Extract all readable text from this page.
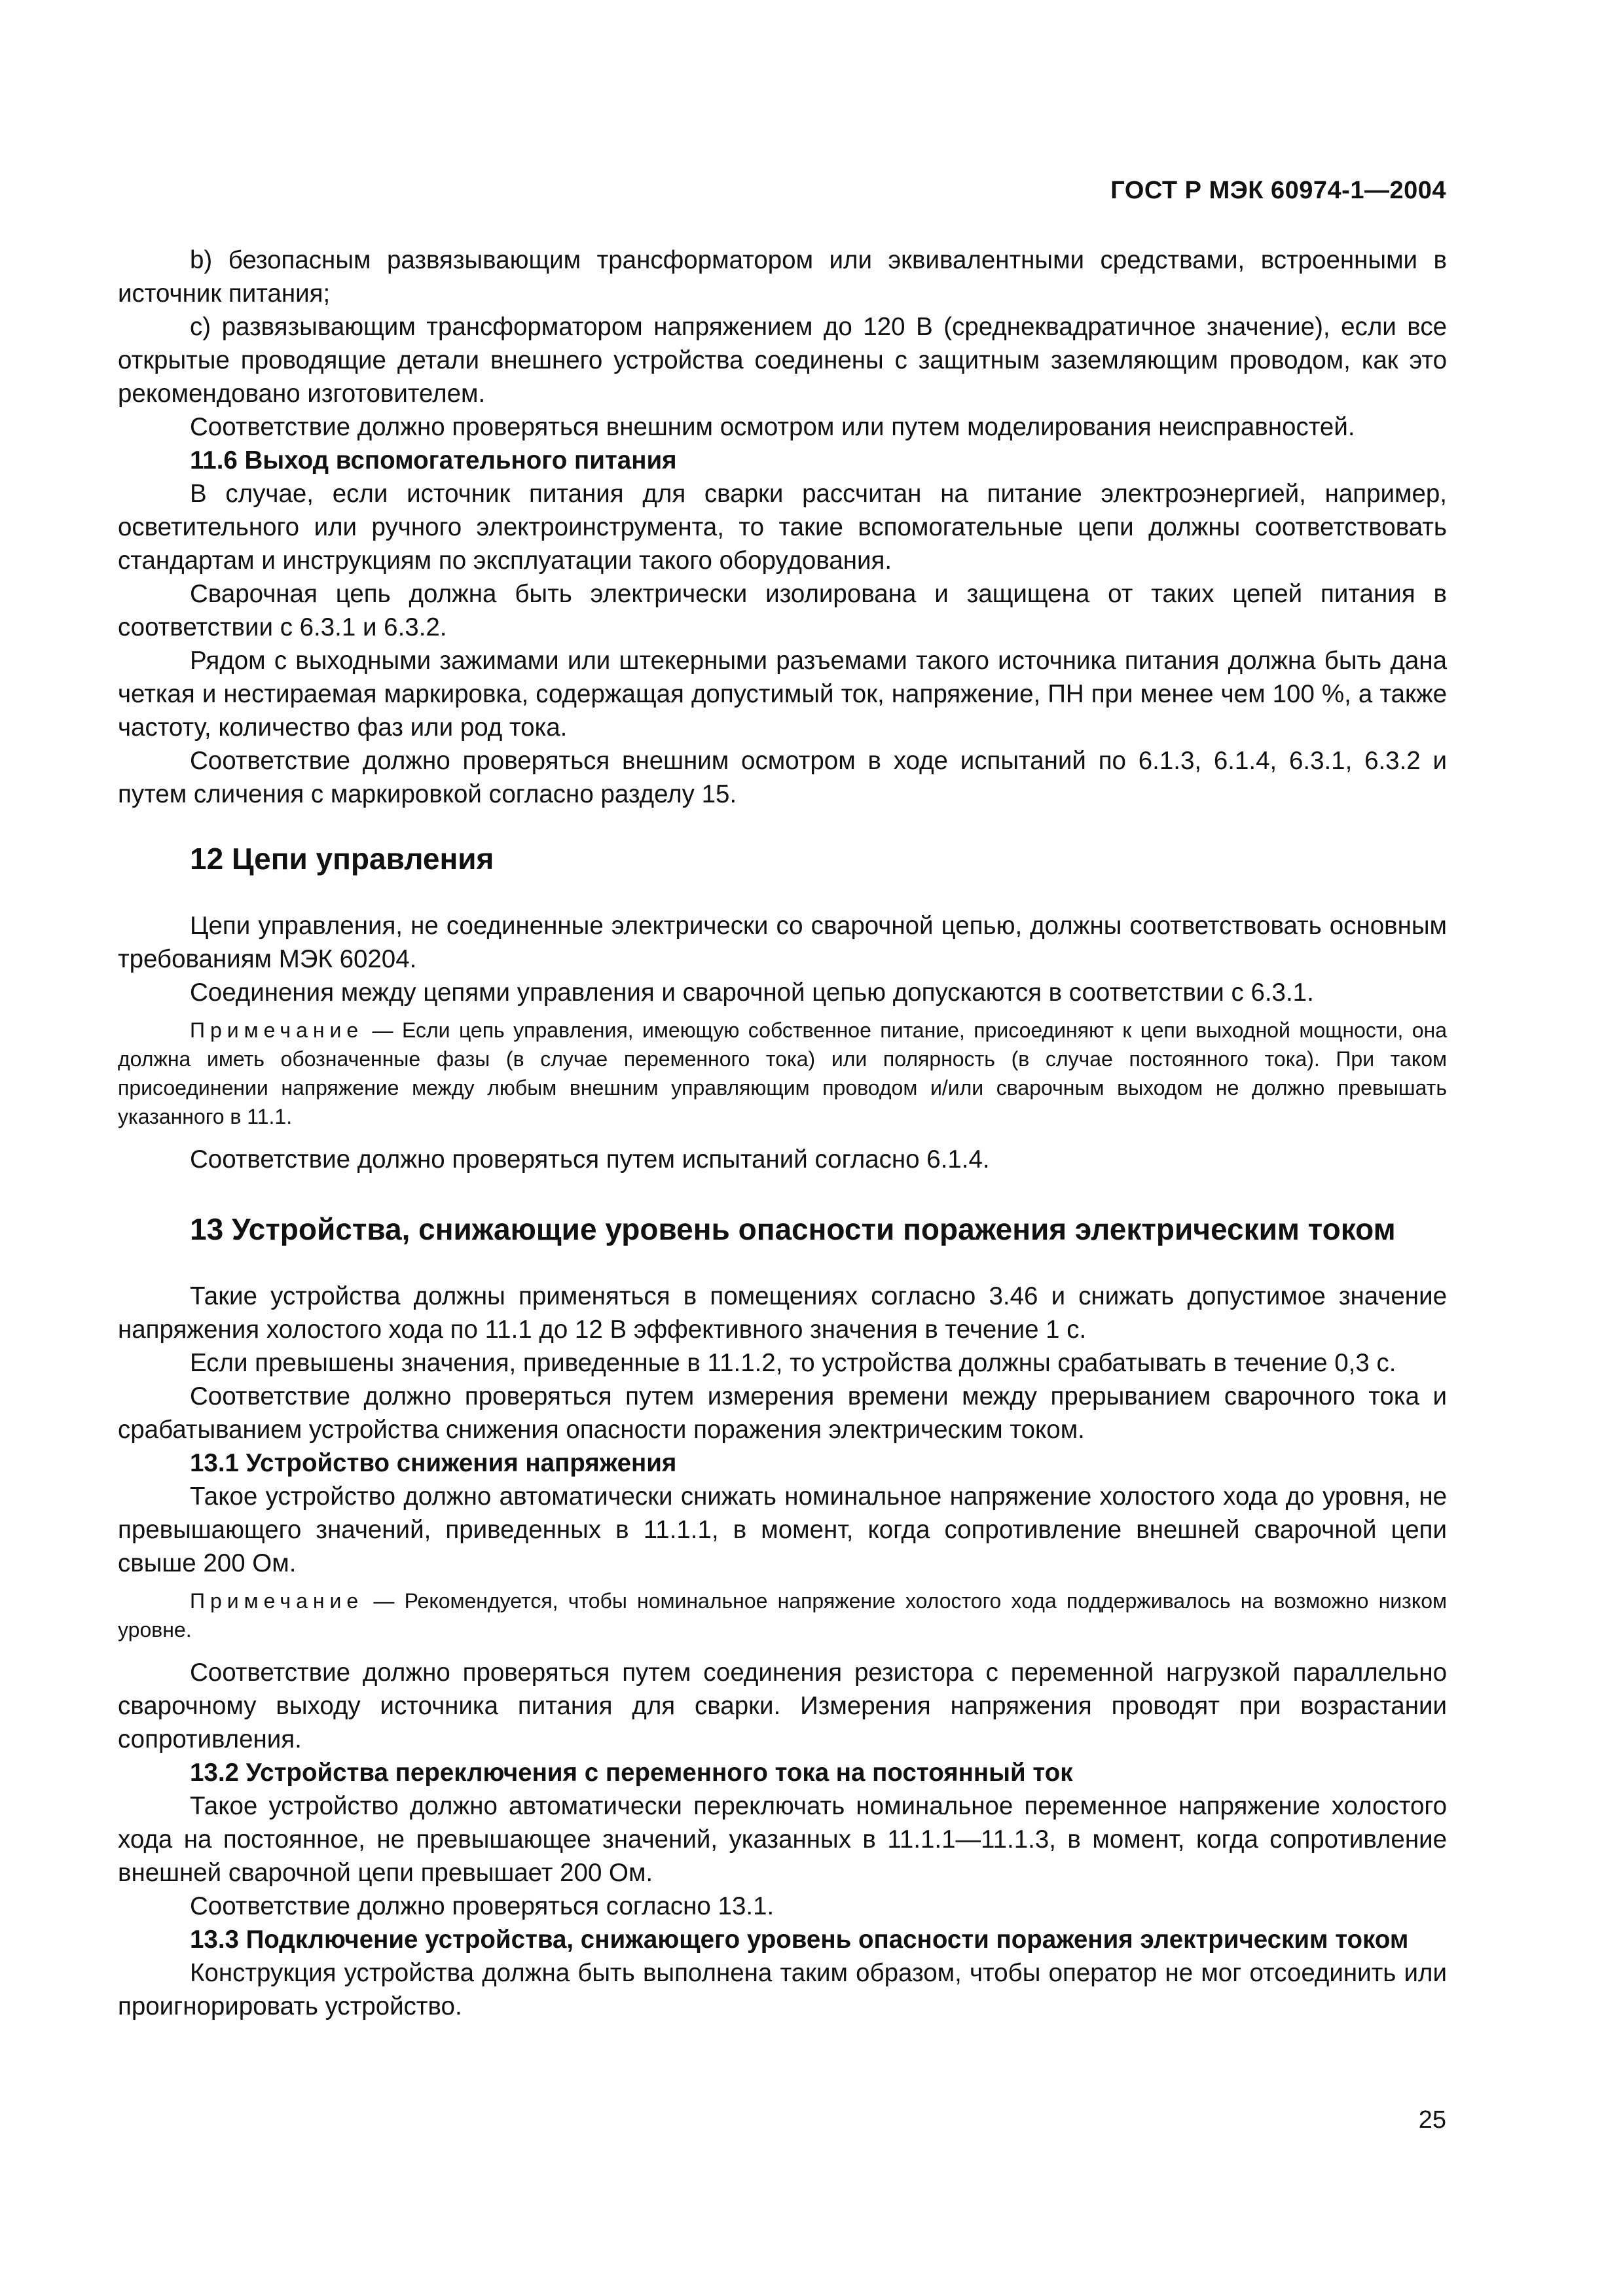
ГОСТ Р МЭК 60974-1—2004

b) безопасным развязывающим трансформатором или эквивалентными средствами, встроенными в источник питания;

c) развязывающим трансформатором напряжением до 120 В (среднеквадратичное значение), если все открытые проводящие детали внешнего устройства соединены с защитным заземляющим проводом, как это рекомендовано изготовителем.

Соответствие должно проверяться внешним осмотром или путем моделирования неисправностей.

11.6 Выход вспомогательного питания

В случае, если источник питания для сварки рассчитан на питание электроэнергией, например, осветительного или ручного электроинструмента, то такие вспомогательные цепи должны соответствовать стандартам и инструкциям по эксплуатации такого оборудования.

Сварочная цепь должна быть электрически изолирована и защищена от таких цепей питания в соответствии с 6.3.1 и 6.3.2.

Рядом с выходными зажимами или штекерными разъемами такого источника питания должна быть дана четкая и нестираемая маркировка, содержащая допустимый ток, напряжение, ПН при менее чем 100 %, а также частоту, количество фаз или род тока.

Соответствие должно проверяться внешним осмотром в ходе испытаний по 6.1.3, 6.1.4, 6.3.1, 6.3.2 и путем сличения с маркировкой согласно разделу 15.

12 Цепи управления

Цепи управления, не соединенные электрически со сварочной цепью, должны соответствовать основным требованиям МЭК 60204.

Соединения между цепями управления и сварочной цепью допускаются в соответствии с 6.3.1.

Примечание — Если цепь управления, имеющую собственное питание, присоединяют к цепи выходной мощности, она должна иметь обозначенные фазы (в случае переменного тока) или полярность (в случае постоянного тока). При таком присоединении напряжение между любым внешним управляющим проводом и/или сварочным выходом не должно превышать указанного в 11.1.

Соответствие должно проверяться путем испытаний согласно 6.1.4.

13 Устройства, снижающие уровень опасности поражения электрическим током

Такие устройства должны применяться в помещениях согласно 3.46 и снижать допустимое значение напряжения холостого хода по 11.1 до 12 В эффективного значения в течение 1 с.

Если превышены значения, приведенные в 11.1.2, то устройства должны срабатывать в течение 0,3 с.

Соответствие должно проверяться путем измерения времени между прерыванием сварочного тока и срабатыванием устройства снижения опасности поражения электрическим током.

13.1 Устройство снижения напряжения

Такое устройство должно автоматически снижать номинальное напряжение холостого хода до уровня, не превышающего значений, приведенных в 11.1.1, в момент, когда сопротивление внешней сварочной цепи свыше 200 Ом.

Примечание — Рекомендуется, чтобы номинальное напряжение холостого хода поддерживалось на возможно низком уровне.

Соответствие должно проверяться путем соединения резистора с переменной нагрузкой параллельно сварочному выходу источника питания для сварки. Измерения напряжения проводят при возрастании сопротивления.

13.2 Устройства переключения с переменного тока на постоянный ток

Такое устройство должно автоматически переключать номинальное переменное напряжение холостого хода на постоянное, не превышающее значений, указанных в 11.1.1—11.1.3, в момент, когда сопротивление внешней сварочной цепи превышает 200 Ом.

Соответствие должно проверяться согласно 13.1.

13.3 Подключение устройства, снижающего уровень опасности поражения электрическим током

Конструкция устройства должна быть выполнена таким образом, чтобы оператор не мог отсоединить или проигнорировать устройство.

25
